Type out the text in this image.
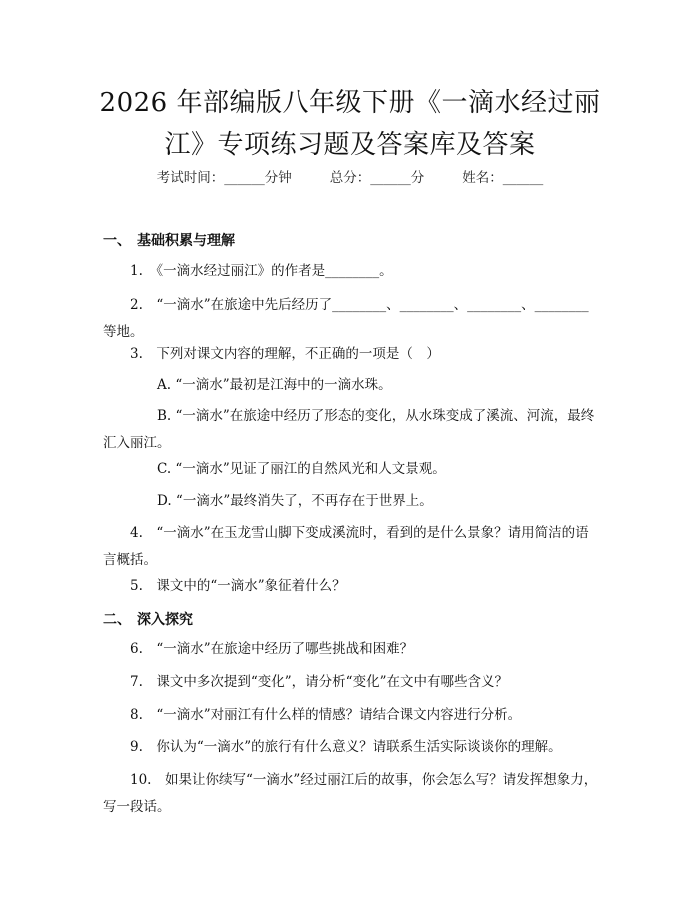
2026 年部编版八年级下册《一滴水经过丽
江》专项练习题及答案库及答案
考试时间：______分钟	总分：______分	姓名：______
一、 基础积累与理解
1.　《一滴水经过丽江》的作者是________。
2.　“一滴水”在旅途中先后经历了________、________、________、________等地。
3.　下列对课文内容的理解，不正确的一项是（　）
A. “一滴水”最初是江海中的一滴水珠。
B. “一滴水”在旅途中经历了形态的变化，从水珠变成了溪流、河流，最终汇入丽江。
C. “一滴水”见证了丽江的自然风光和人文景观。
D. “一滴水”最终消失了，不再存在于世界上。
4.　“一滴水”在玉龙雪山脚下变成溪流时，看到的是什么景象？请用简洁的语言概括。
5.　课文中的“一滴水”象征着什么？
二、 深入探究
6.　“一滴水”在旅途中经历了哪些挑战和困难？
7.　课文中多次提到“变化”，请分析“变化”在文中有哪些含义？
8.　“一滴水”对丽江有什么样的情感？请结合课文内容进行分析。
9.　你认为“一滴水”的旅行有什么意义？请联系生活实际谈谈你的理解。
10.　如果让你续写“一滴水”经过丽江后的故事，你会怎么写？请发挥想象力，写一段话。
